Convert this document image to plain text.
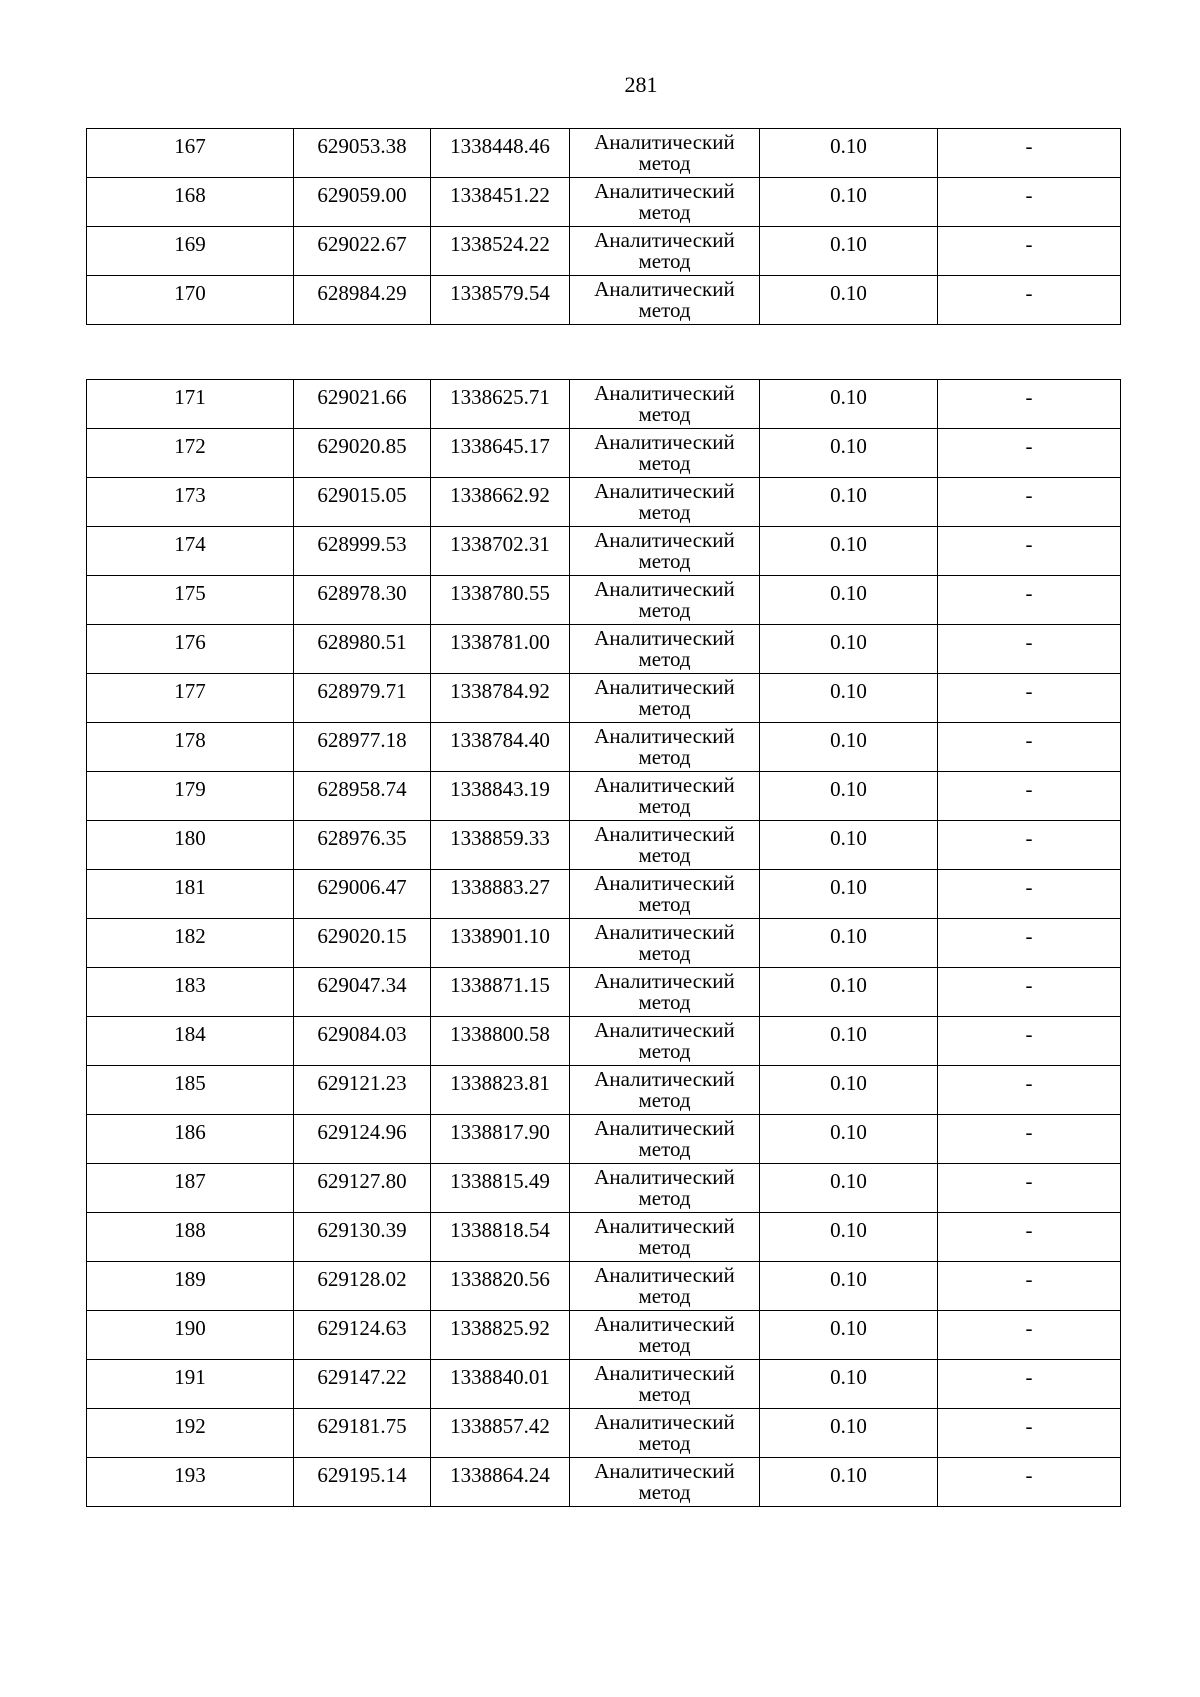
281
167	629053.38	1338448.46	Аналитический метод	0.10	-

168	629059.00	1338451.22	Аналитический метод	0.10	-

169	629022.67	1338524.22	Аналитический метод	0.10	-

170	628984.29	1338579.54	Аналитический метод	0.10	-
171	629021.66	1338625.71	Аналитический метод	0.10	-

172	629020.85	1338645.17	Аналитический метод	0.10	-

173	629015.05	1338662.92	Аналитический метод	0.10	-

174	628999.53	1338702.31	Аналитический метод	0.10	-

175	628978.30	1338780.55	Аналитический метод	0.10	-

176	628980.51	1338781.00	Аналитический метод	0.10	-

177	628979.71	1338784.92	Аналитический метод	0.10	-

178	628977.18	1338784.40	Аналитический метод	0.10	-

179	628958.74	1338843.19	Аналитический метод	0.10	-

180	628976.35	1338859.33	Аналитический метод	0.10	-

181	629006.47	1338883.27	Аналитический метод	0.10	-

182	629020.15	1338901.10	Аналитический метод	0.10	-

183	629047.34	1338871.15	Аналитический метод	0.10	-

184	629084.03	1338800.58	Аналитический метод	0.10	-

185	629121.23	1338823.81	Аналитический метод	0.10	-

186	629124.96	1338817.90	Аналитический метод	0.10	-

187	629127.80	1338815.49	Аналитический метод	0.10	-

188	629130.39	1338818.54	Аналитический метод	0.10	-

189	629128.02	1338820.56	Аналитический метод	0.10	-

190	629124.63	1338825.92	Аналитический метод	0.10	-

191	629147.22	1338840.01	Аналитический метод	0.10	-

192	629181.75	1338857.42	Аналитический метод	0.10	-

193	629195.14	1338864.24	Аналитический метод	0.10	-
